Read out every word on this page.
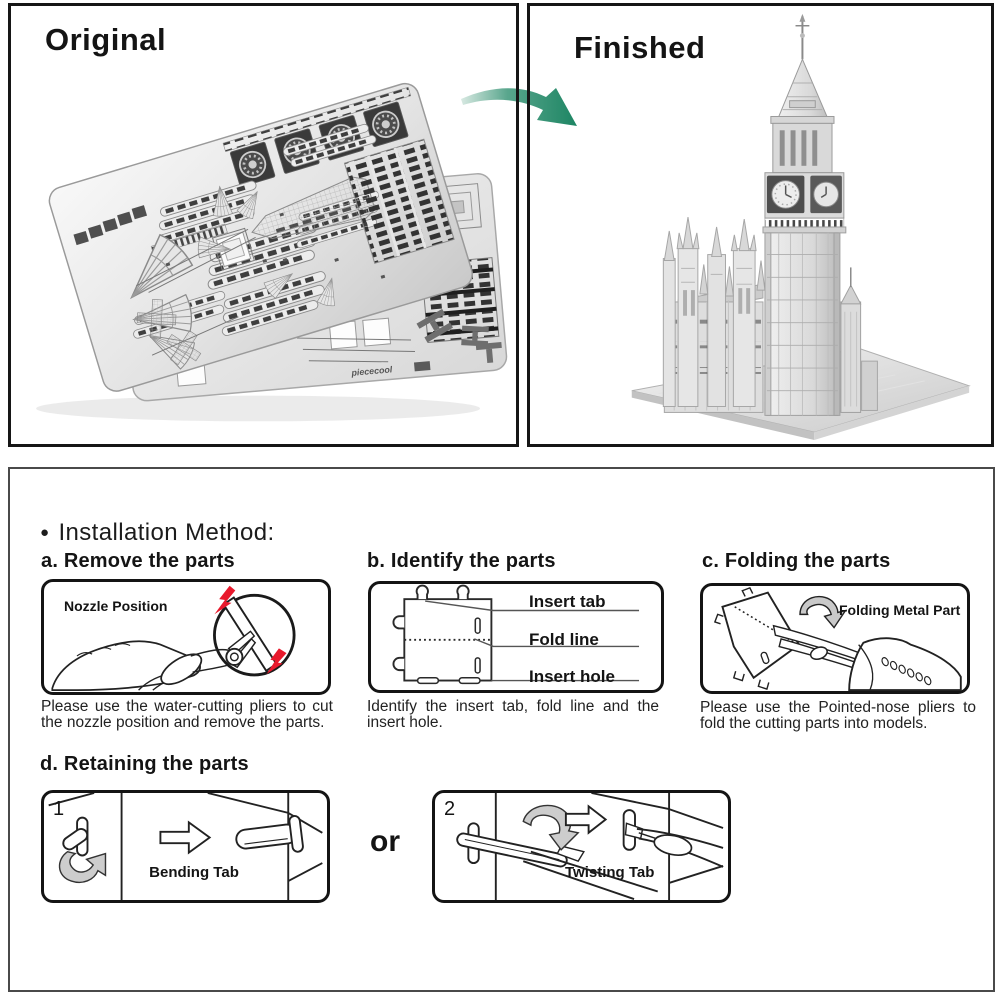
piececool
Original	Finished
● Installation Method:
a. Remove the parts	b. Identify the parts	c. Folding the parts
Nozzle Position
Please use the water-cutting pliers to cut the nozzle position and remove the parts.
Insert tab
Fold line
Insert hole
Identify the insert tab, fold line and the insert hole.
Folding Metal Part
Please use the Pointed-nose pliers to fold the cutting parts into models.
d. Retaining the parts
1
Bending Tab
or
2
Twisting Tab
